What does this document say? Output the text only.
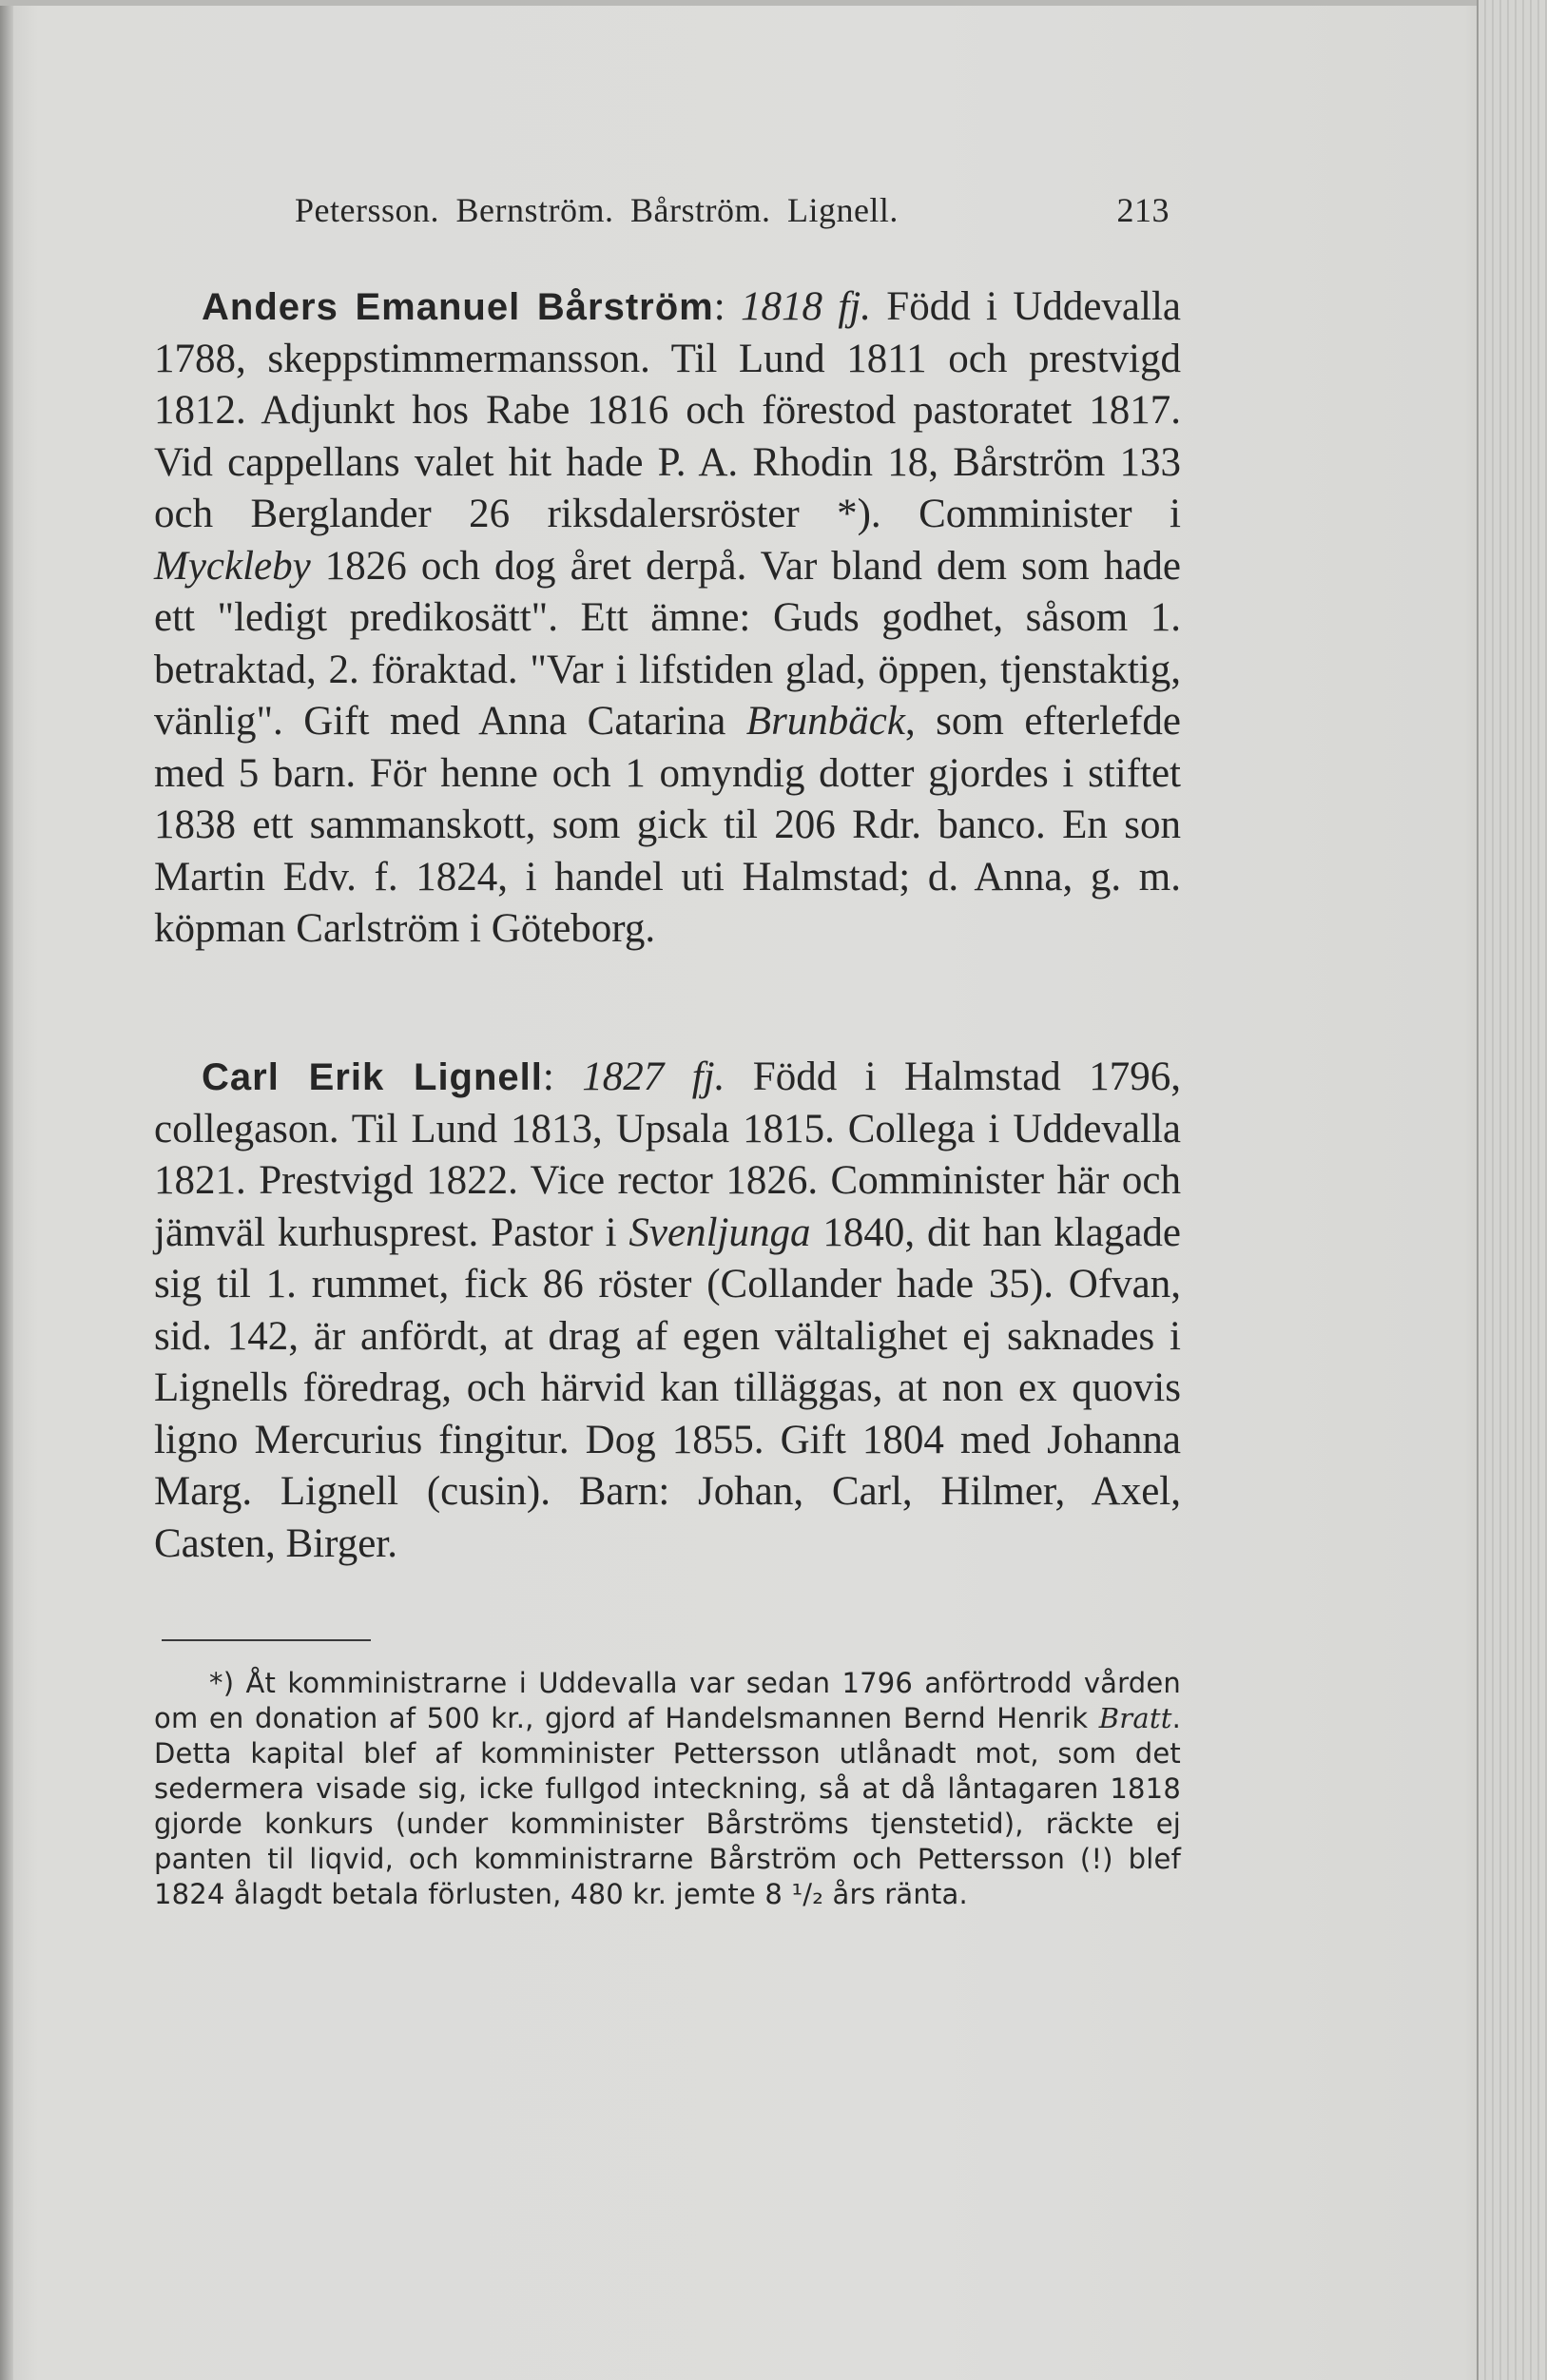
Petersson. Bernström. Bårström. Lignell.	213

Anders Emanuel Bårström: 1818 fj. Född i Uddevalla 1788, skeppstimmermansson. Til Lund 1811 och prestvigd 1812. Adjunkt hos Rabe 1816 och förestod pastoratet 1817. Vid cappellans valet hit hade P. A. Rhodin 18, Bårström 133 och Berglander 26 riksdalersröster *). Comminister i Myckleby 1826 och dog året derpå. Var bland dem som hade ett "ledigt predikosätt". Ett ämne: Guds godhet, såsom 1. betraktad, 2. föraktad. "Var i lifstiden glad, öppen, tjenstaktig, vänlig". Gift med Anna Catarina Brunbäck, som efterlefde med 5 barn. För henne och 1 omyndig dotter gjordes i stiftet 1838 ett sammanskott, som gick til 206 Rdr. banco. En son Martin Edv. f. 1824, i handel uti Halmstad; d. Anna, g. m. köpman Carlström i Göteborg.

Carl Erik Lignell: 1827 fj. Född i Halmstad 1796, collegason. Til Lund 1813, Upsala 1815. Collega i Uddevalla 1821. Prestvigd 1822. Vice rector 1826. Comminister här och jämväl kurhusprest. Pastor i Svenljunga 1840, dit han klagade sig til 1. rummet, fick 86 röster (Collander hade 35). Ofvan, sid. 142, är anfördt, at drag af egen vältalighet ej saknades i Lignells föredrag, och härvid kan tilläggas, at non ex quovis ligno Mercurius fingitur. Dog 1855. Gift 1804 med Johanna Marg. Lignell (cusin). Barn: Johan, Carl, Hilmer, Axel, Casten, Birger.

*) Åt komministrarne i Uddevalla var sedan 1796 anförtrodd vården om en donation af 500 kr., gjord af Handelsmannen Bernd Henrik Bratt. Detta kapital blef af komminister Pettersson utlånadt mot, som det sedermera visade sig, icke fullgod inteckning, så at då låntagaren 1818 gjorde konkurs (under komminister Bårströms tjenstetid), räckte ej panten til liqvid, och komministrarne Bårström och Pettersson (!) blef 1824 ålagdt betala förlusten, 480 kr. jemte 8 ¹/₂ års ränta.
